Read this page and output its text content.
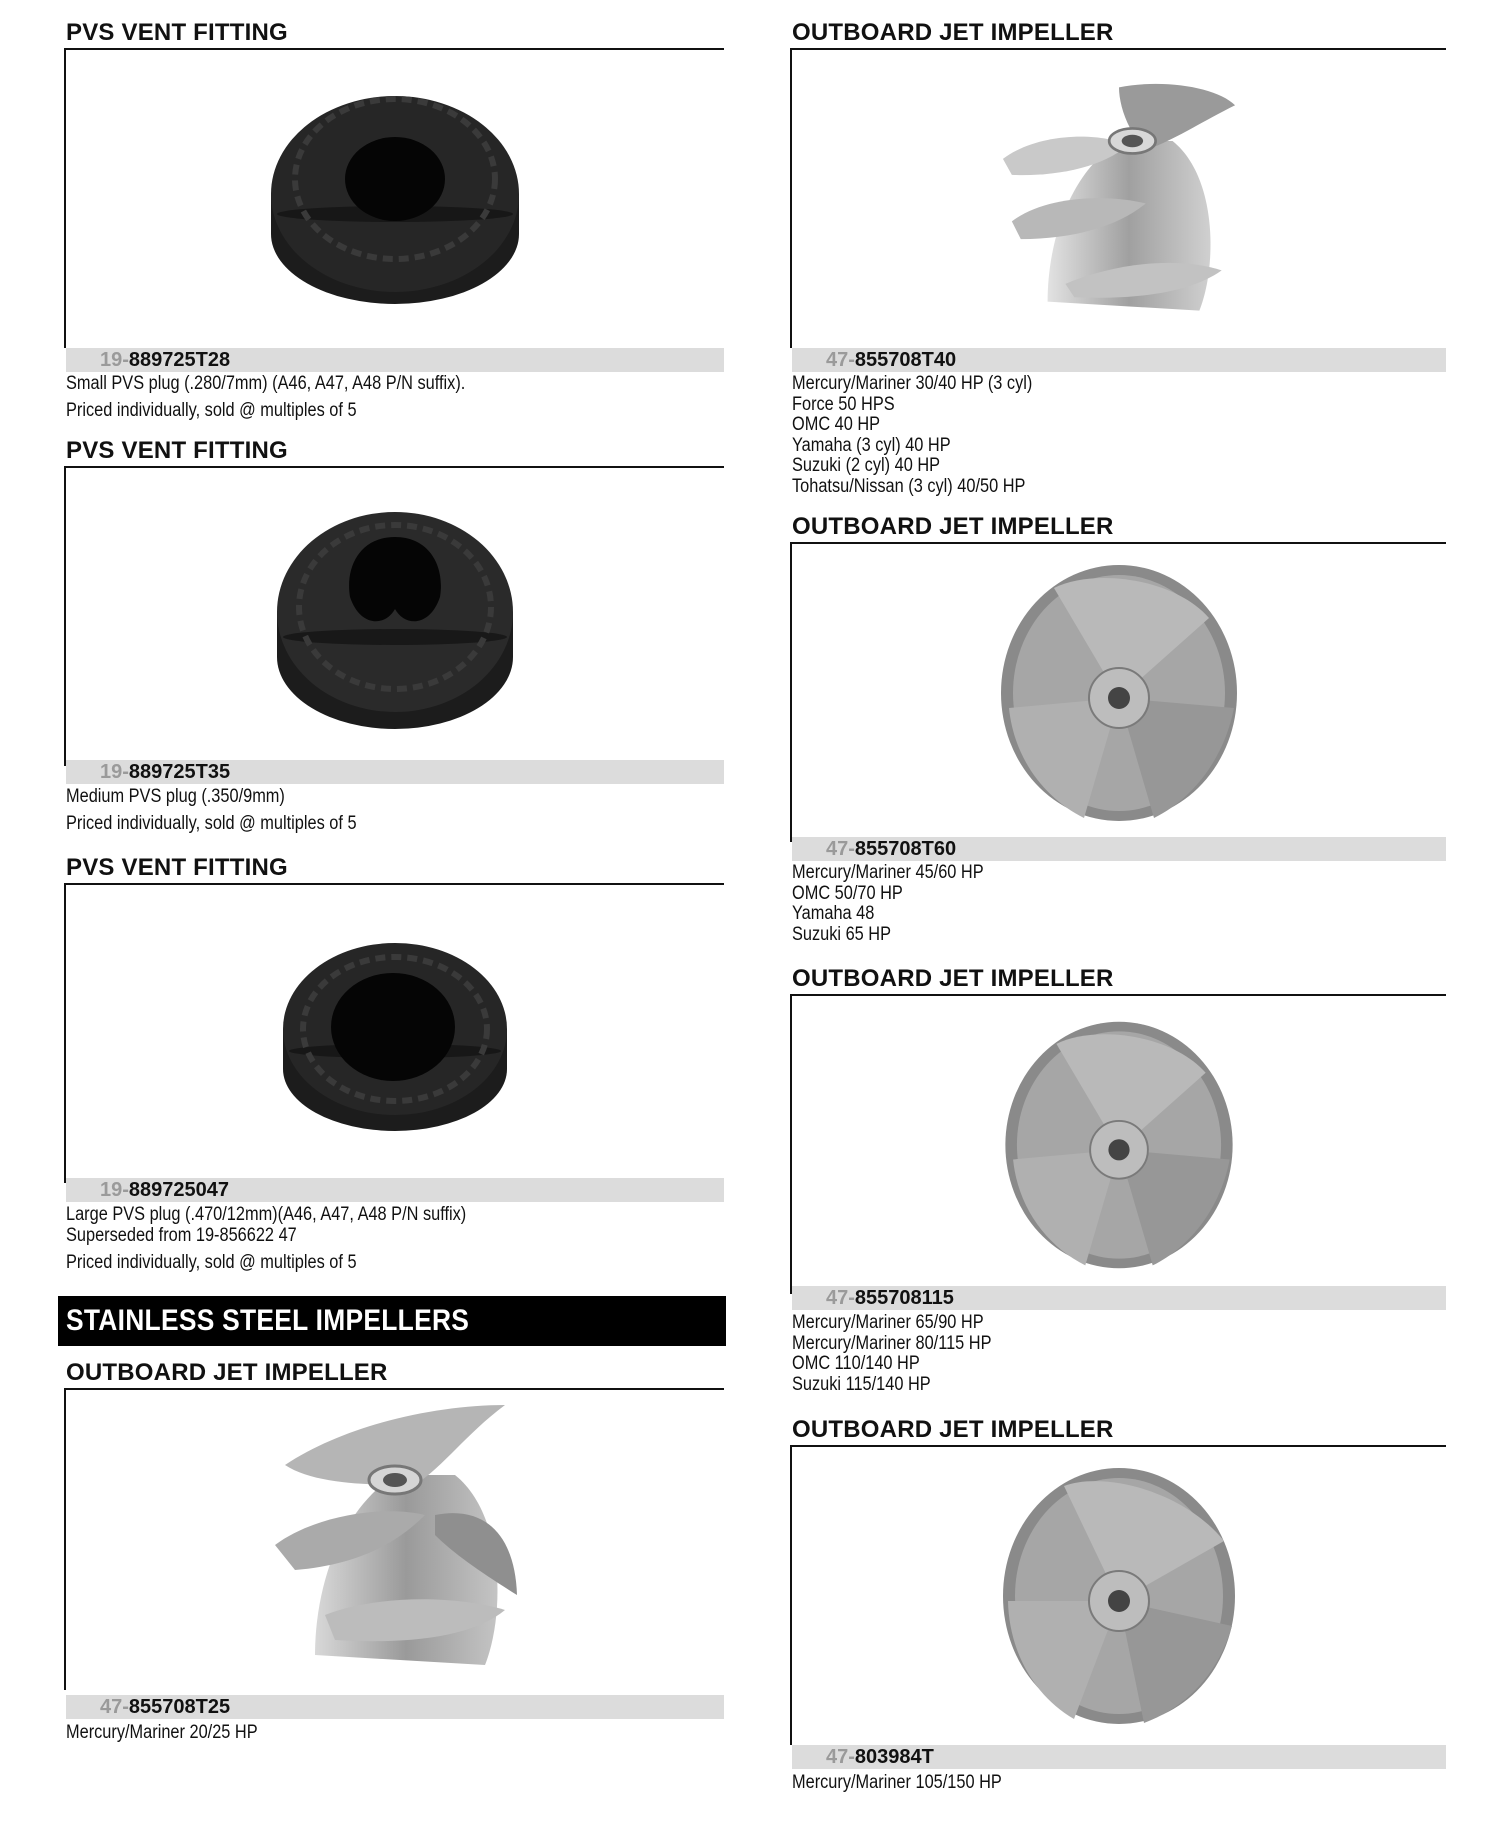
PVS VENT FITTING
19-889725T28
Small PVS plug (.280/7mm) (A46, A47, A48 P/N suffix).
Priced individually, sold @ multiples of 5
PVS VENT FITTING
19-889725T35
Medium PVS plug (.350/9mm)
Priced individually, sold @ multiples of 5
PVS VENT FITTING
19-889725047
Large PVS plug (.470/12mm)(A46, A47, A48 P/N suffix)
Superseded from 19-856622 47
Priced individually, sold @ multiples of 5
OUTBOARD JET IMPELLER
47-855708T25
Mercury/Mariner 20/25 HP
STAINLESS STEEL IMPELLERS
OUTBOARD JET IMPELLER
47-855708T40
Mercury/Mariner 30/40 HP (3 cyl)
Force 50 HPS
OMC 40 HP
Yamaha (3 cyl) 40 HP
Suzuki (2 cyl) 40 HP
Tohatsu/Nissan (3 cyl) 40/50 HP
OUTBOARD JET IMPELLER
47-855708T60
Mercury/Mariner 45/60 HP
OMC 50/70 HP
Yamaha 48
Suzuki 65 HP
OUTBOARD JET IMPELLER
47-855708115
Mercury/Mariner 65/90 HP
Mercury/Mariner 80/115 HP
OMC 110/140 HP
Suzuki 115/140 HP
OUTBOARD JET IMPELLER
47-803984T
Mercury/Mariner 105/150 HP
